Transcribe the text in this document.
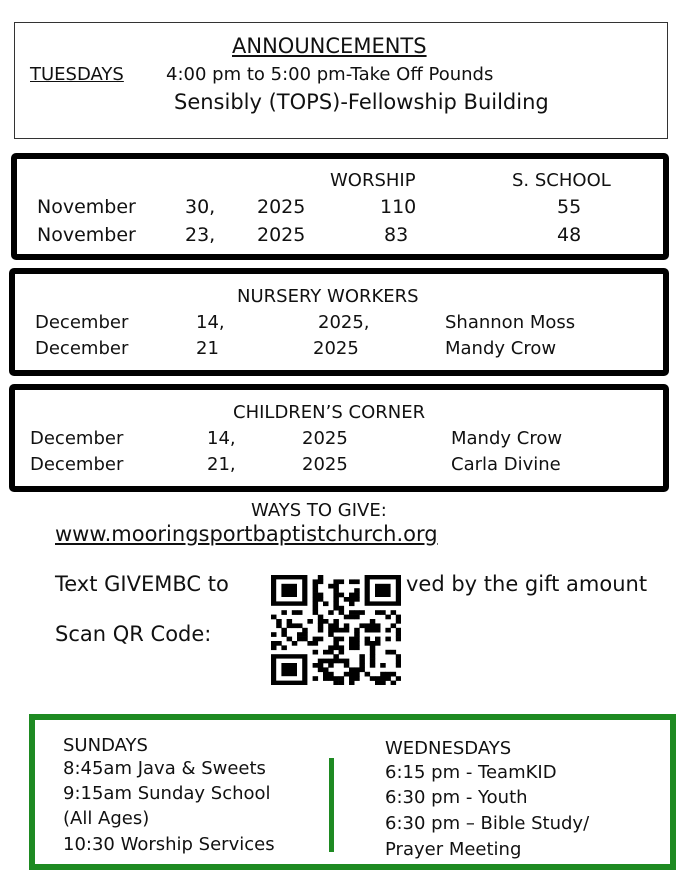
ANNOUNCEMENTS
TUESDAYS 4:00 pm to 5:00 pm-Take Off Pounds
Sensibly (TOPS)-Fellowship Building
WORSHIP	S. SCHOOL
November	30, 2025	110	55
November	23, 2025	83	48
NURSERY WORKERS
December	14,	2025,	Shannon Moss
December	21	2025	Mandy Crow
CHILDREN’S CORNER
December	14,	2025	Mandy Crow
December	21,	2025	Carla Divine
WAYS TO GIVE:
www.mooringsportbaptistchurch.org
Text GIVEMBC to	ved by the gift amount
Scan QR Code:
SUNDAYS
8:45am Java & Sweets
9:15am Sunday School
(All Ages)
10:30 Worship Services
WEDNESDAYS
6:15 pm - TeamKID
6:30 pm - Youth
6:30 pm – Bible Study/
Prayer Meeting
